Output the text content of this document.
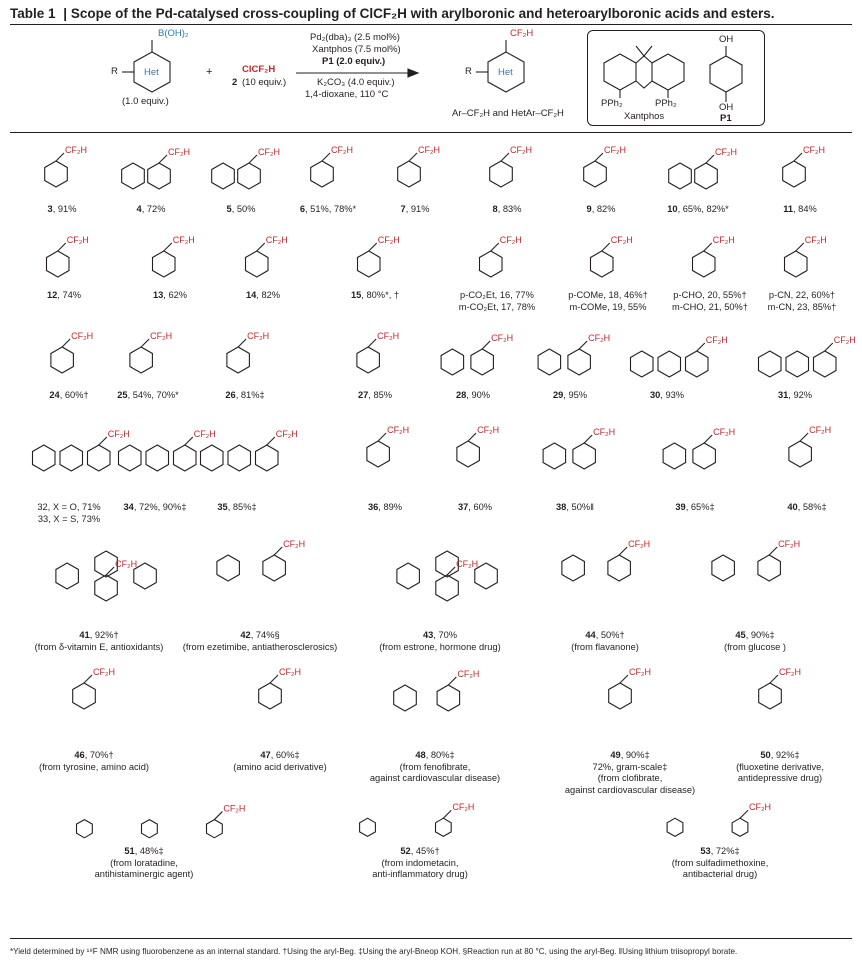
Table 1 | Scope of the Pd-catalysed cross-coupling of ClCF₂H with arylboronic and heteroarylboronic acids and esters.
B(OH)₂
R	Het
(1.0 equiv.)
+	ClCF₂H
2 (10 equiv.)
Pd₂(dba)₃ (2.5 mol%)
Xantphos (7.5 mol%)
P1 (2.0 equiv.)
K₂CO₃ (4.0 equiv.)
1,4-dioxane, 110 °C
CF₂H
R	Het
Ar–CF₂H and HetAr–CF₂H
PPh₂	PPh₂
Xantphos
OH
OH
P1
CF₂H
3, 91%
CF₂H
4, 72%
CF₂H
5, 50%
CF₂H
6, 51%, 78%*
CF₂H
7, 91%
CF₂H
8, 83%
CF₂H
9, 82%
CF₂H
10, 65%, 82%*
CF₂H
11, 84%
CF₂H
12, 74%
CF₂H
13, 62%
CF₂H
14, 82%
CF₂H
15, 80%*, †
CF₂H
p-CO₂Et, 16, 77%
m-CO₂Et, 17, 78%
CF₂H
p-COMe, 18, 46%†
m-COMe, 19, 55%
CF₂H
p-CHO, 20, 55%†
m-CHO, 21, 50%†
CF₂H
p-CN, 22, 60%†
m-CN, 23, 85%†
CF₂H
24, 60%†
CF₂H
25, 54%, 70%*
CF₂H
26, 81%‡
CF₂H
27, 85%
CF₂H
28, 90%
CF₂H
29, 95%
CF₂H
30, 93%
CF₂H
31, 92%
CF₂H
32, X = O, 71%
33, X = S, 73%
CF₂H
34, 72%, 90%‡
CF₂H
35, 85%‡
CF₂H
36, 89%
CF₂H
37, 60%
CF₂H
38, 50%‖
CF₂H
39, 65%‡
CF₂H
40, 58%‡
CF₂H
41, 92%†
(from δ-vitamin E, antioxidants)
CF₂H
42, 74%§
(from ezetimibe, antiatherosclerosics)
CF₂H
43, 70%
(from estrone, hormone drug)
CF₂H
44, 50%†
(from flavanone)
CF₂H
45, 90%‡
(from glucose )
CF₂H
46, 70%†
(from tyrosine, amino acid)
CF₂H
47, 60%‡
(amino acid derivative)
CF₂H
48, 80%‡
(from fenofibrate,
against cardiovascular disease)
CF₂H
49, 90%‡
72%, gram-scale‡
(from clofibrate,
against cardiovascular disease)
CF₂H
50, 92%‡
(fluoxetine derivative,
antidepressive drug)
CF₂H
51, 48%‡
(from loratadine,
antihistaminergic agent)
CF₂H
52, 45%†
(from indometacin,
anti-inflammatory drug)
CF₂H
53, 72%‡
(from sulfadimethoxine,
antibacterial drug)
*Yield determined by ¹⁹F NMR using fluorobenzene as an internal standard. †Using the aryl-Beg. ‡Using the aryl-Bneop KOH. §Reaction run at 80 °C, using the aryl-Beg. ‖Using lithium triisopropyl borate.
